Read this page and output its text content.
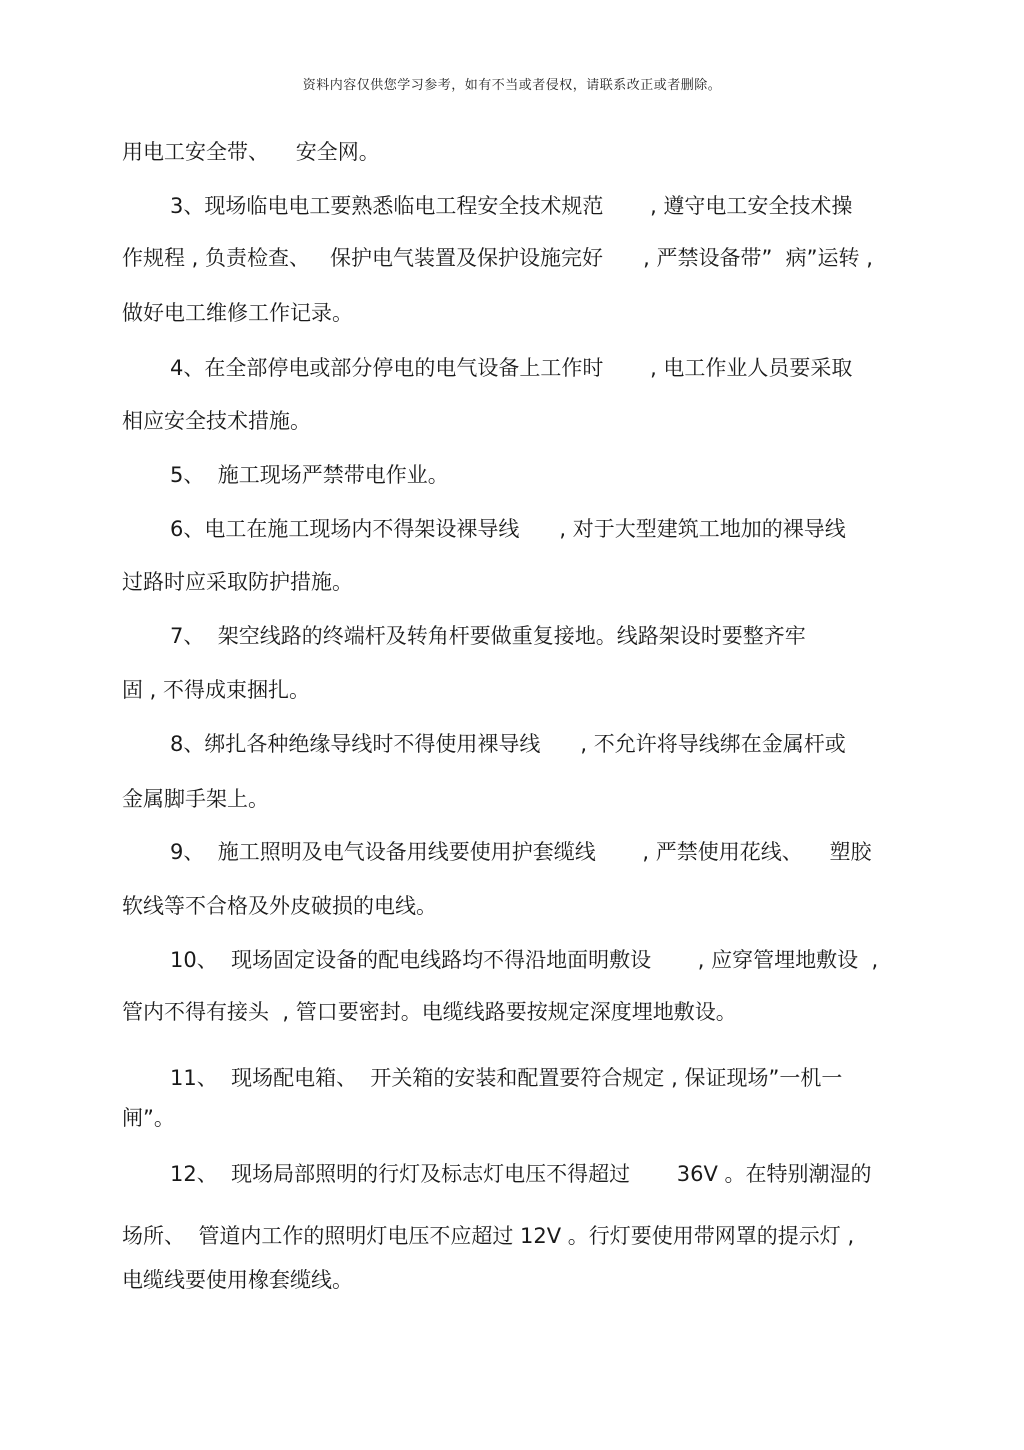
资料内容仅供您学习参考，如有不当或者侵权，请联系改正或者删除。
用电工安全带、    安全网。
3、现场临电电工要熟悉临电工程安全技术规范       , 遵守电工安全技术操
作规程 , 负责检查、   保护电气装置及保护设施完好      , 严禁设备带”  病”运转 ,
做好电工维修工作记录。
4、在全部停电或部分停电的电气设备上工作时       , 电工作业人员要采取
相应安全技术措施。
5、  施工现场严禁带电作业。
6、电工在施工现场内不得架设裸导线      , 对于大型建筑工地加的裸导线
过路时应采取防护措施。
7、  架空线路的终端杆及转角杆要做重复接地。线路架设时要整齐牢
固 , 不得成束捆扎。
8、绑扎各种绝缘导线时不得使用裸导线      , 不允许将导线绑在金属杆或
金属脚手架上。
9、  施工照明及电气设备用线要使用护套缆线       , 严禁使用花线、    塑胶
软线等不合格及外皮破损的电线。
10、  现场固定设备的配电线路均不得沿地面明敷设       , 应穿管埋地敷设  ,
管内不得有接头  , 管口要密封。电缆线路要按规定深度埋地敷设。
11、  现场配电箱、  开关箱的安装和配置要符合规定 , 保证现场”一机一
闸”。
12、  现场局部照明的行灯及标志灯电压不得超过       36V 。在特别潮湿的
场所、  管道内工作的照明灯电压不应超过 12V 。行灯要使用带网罩的提示灯 ,
电缆线要使用橡套缆线。
